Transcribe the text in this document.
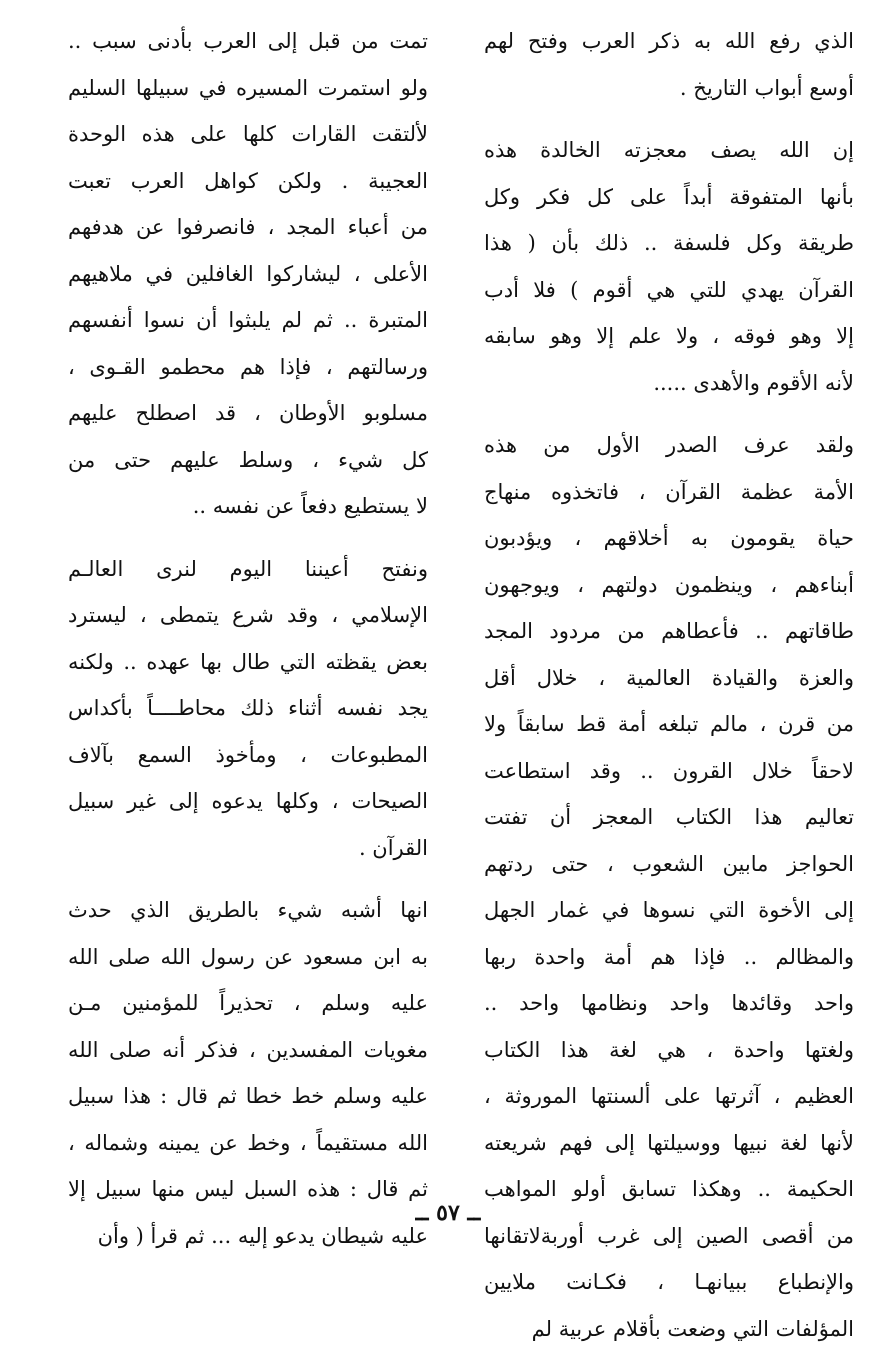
الذي رفع الله به ذكر العرب وفتح لهم
أوسع أبواب التاريخ .
إن الله يصف معجزته الخالدة هذه
بأنها المتفوقة أبداً على كل فكر وكل
طريقة وكل فلسفة .. ذلك بأن ( هذا
القرآن يهدي للتي هي أقوم ) فلا أدب
إلا وهو فوقه ، ولا علم إلا وهو سابقه
لأنه الأقوم والأهدى .....
ولقد عرف الصدر الأول من هذه
الأمة عظمة القرآن ، فاتخذوه منهاج
حياة يقومون به أخلاقهم ، ويؤدبون
أبناءهم ، وينظمون دولتهم ، ويوجهون
طاقاتهم .. فأعطاهم من مردود المجد
والعزة والقيادة العالمية ، خلال أقل
من قرن ، مالم تبلغه أمة قط سابقاً ولا
لاحقاً خلال القرون .. وقد استطاعت
تعاليم هذا الكتاب المعجز أن تفتت
الحواجز مابين الشعوب ، حتى ردتهم
إلى الأخوة التي نسوها في غمار الجهل
والمظالم .. فإذا هم أمة واحدة ربها
واحد وقائدها واحد ونظامها واحد ..
ولغتها واحدة ، هي لغة هذا الكتاب
العظيم ، آثرتها على ألسنتها الموروثة ،
لأنها لغة نبيها ووسيلتها إلى فهم شريعته
الحكيمة .. وهكذا تسابق أولو المواهب
من أقصى الصين إلى غرب أوربةلاتقانها
والإنطباع ببيانهـا ، فكـانت ملايين
المؤلفات التي وضعت بأقلام عربية لم
تمت من قبل إلى العرب بأدنى سبب ..
ولو استمرت المسيره في سبيلها السليم
لألتقت القارات كلها على هذه الوحدة
العجيبة . ولكن كواهل العرب تعبت
من أعباء المجد ، فانصرفوا عن هدفهم
الأعلى ، ليشاركوا الغافلين في ملاهيهم
المتبرة .. ثم لم يلبثوا أن نسوا أنفسهم
ورسالتهم ، فإذا هم محطمو القـوى ،
مسلوبو الأوطان ، قد اصطلح عليهم
كل شيء ، وسلط عليهم حتى من
لا يستطيع دفعاً عن نفسه ..
ونفتح أعيننا اليوم لنرى العالـم
الإسلامي ، وقد شرع يتمطى ، ليسترد
بعض يقظته التي طال بها عهده .. ولكنه
يجد نفسه أثناء ذلك محاطــــاً بأكداس
المطبوعات ، ومأخوذ السمع بآلاف
الصيحات ، وكلها يدعوه إلى غير سبيل
القرآن .
انها أشبه شيء بالطريق الذي حدث
به ابن مسعود عن رسول الله صلى الله
عليه وسلم ، تحذيراً للمؤمنين مـن
مغويات المفسدين ، فذكر أنه صلى الله
عليه وسلم خط خطا ثم قال : هذا سبيل
الله مستقيماً ، وخط عن يمينه وشماله ،
ثم قال : هذه السبل ليس منها سبيل إلا
عليه شيطان يدعو إليه ... ثم قرأ ( وأن
ــ ٥٧ ــ
